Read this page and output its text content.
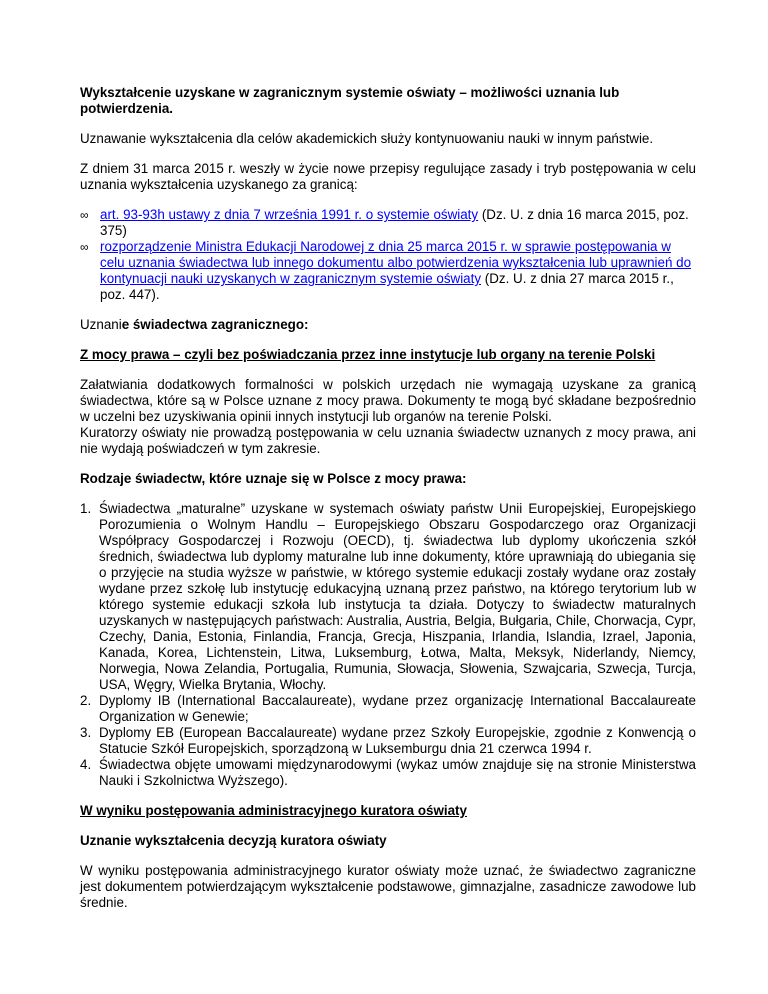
Wykształcenie uzyskane w zagranicznym systemie oświaty – możliwości uznania lub potwierdzenia.

Uznawanie wykształcenia dla celów akademickich służy kontynuowaniu nauki w innym państwie.

Z dniem 31 marca 2015 r. weszły w życie nowe przepisy regulujące zasady i tryb postępowania w celu uznania wykształcenia uzyskanego za granicą:

∞ art. 93-93h ustawy z dnia 7 września 1991 r. o systemie oświaty (Dz. U. z dnia 16 marca 2015, poz. 375)
∞ rozporządzenie Ministra Edukacji Narodowej z dnia 25 marca 2015 r. w sprawie postępowania w celu uznania świadectwa lub innego dokumentu albo potwierdzenia wykształcenia lub uprawnień do kontynuacji nauki uzyskanych w zagranicznym systemie oświaty (Dz. U. z dnia 27 marca 2015 r., poz. 447).

Uznanie świadectwa zagranicznego:

Z mocy prawa – czyli bez poświadczania przez inne instytucje lub organy na terenie Polski

Załatwiania dodatkowych formalności w polskich urzędach nie wymagają uzyskane za granicą świadectwa, które są w Polsce uznane z mocy prawa. Dokumenty te mogą być składane bezpośrednio w uczelni bez uzyskiwania opinii innych instytucji lub organów na terenie Polski.

Kuratorzy oświaty nie prowadzą postępowania w celu uznania świadectw uznanych z mocy prawa, ani nie wydają poświadczeń w tym zakresie.

Rodzaje świadectw, które uznaje się w Polsce z mocy prawa:

1. Świadectwa „maturalne” uzyskane w systemach oświaty państw Unii Europejskiej, Europejskiego Porozumienia o Wolnym Handlu – Europejskiego Obszaru Gospodarczego oraz Organizacji Współpracy Gospodarczej i Rozwoju (OECD), tj. świadectwa lub dyplomy ukończenia szkół średnich, świadectwa lub dyplomy maturalne lub inne dokumenty, które uprawniają do ubiegania się o przyjęcie na studia wyższe w państwie, w którego systemie edukacji zostały wydane oraz zostały wydane przez szkołę lub instytucję edukacyjną uznaną przez państwo, na którego terytorium lub w którego systemie edukacji szkoła lub instytucja ta działa. Dotyczy to świadectw maturalnych uzyskanych w następujących państwach: Australia, Austria, Belgia, Bułgaria, Chile, Chorwacja, Cypr, Czechy, Dania, Estonia, Finlandia, Francja, Grecja, Hiszpania, Irlandia, Islandia, Izrael, Japonia, Kanada, Korea, Lichtenstein, Litwa, Luksemburg, Łotwa, Malta, Meksyk, Niderlandy, Niemcy, Norwegia, Nowa Zelandia, Portugalia, Rumunia, Słowacja, Słowenia, Szwajcaria, Szwecja, Turcja, USA, Węgry, Wielka Brytania, Włochy.
2. Dyplomy IB (International Baccalaureate), wydane przez organizację International Baccalaureate Organization w Genewie;
3. Dyplomy EB (European Baccalaureate) wydane przez Szkoły Europejskie, zgodnie z Konwencją o Statucie Szkół Europejskich, sporządzoną w Luksemburgu dnia 21 czerwca 1994 r.
4. Świadectwa objęte umowami międzynarodowymi (wykaz umów znajduje się na stronie Ministerstwa Nauki i Szkolnictwa Wyższego).

W wyniku postępowania administracyjnego kuratora oświaty

Uznanie wykształcenia decyzją kuratora oświaty

W wyniku postępowania administracyjnego kurator oświaty może uznać, że świadectwo zagraniczne jest dokumentem potwierdzającym wykształcenie podstawowe, gimnazjalne, zasadnicze zawodowe lub średnie.
